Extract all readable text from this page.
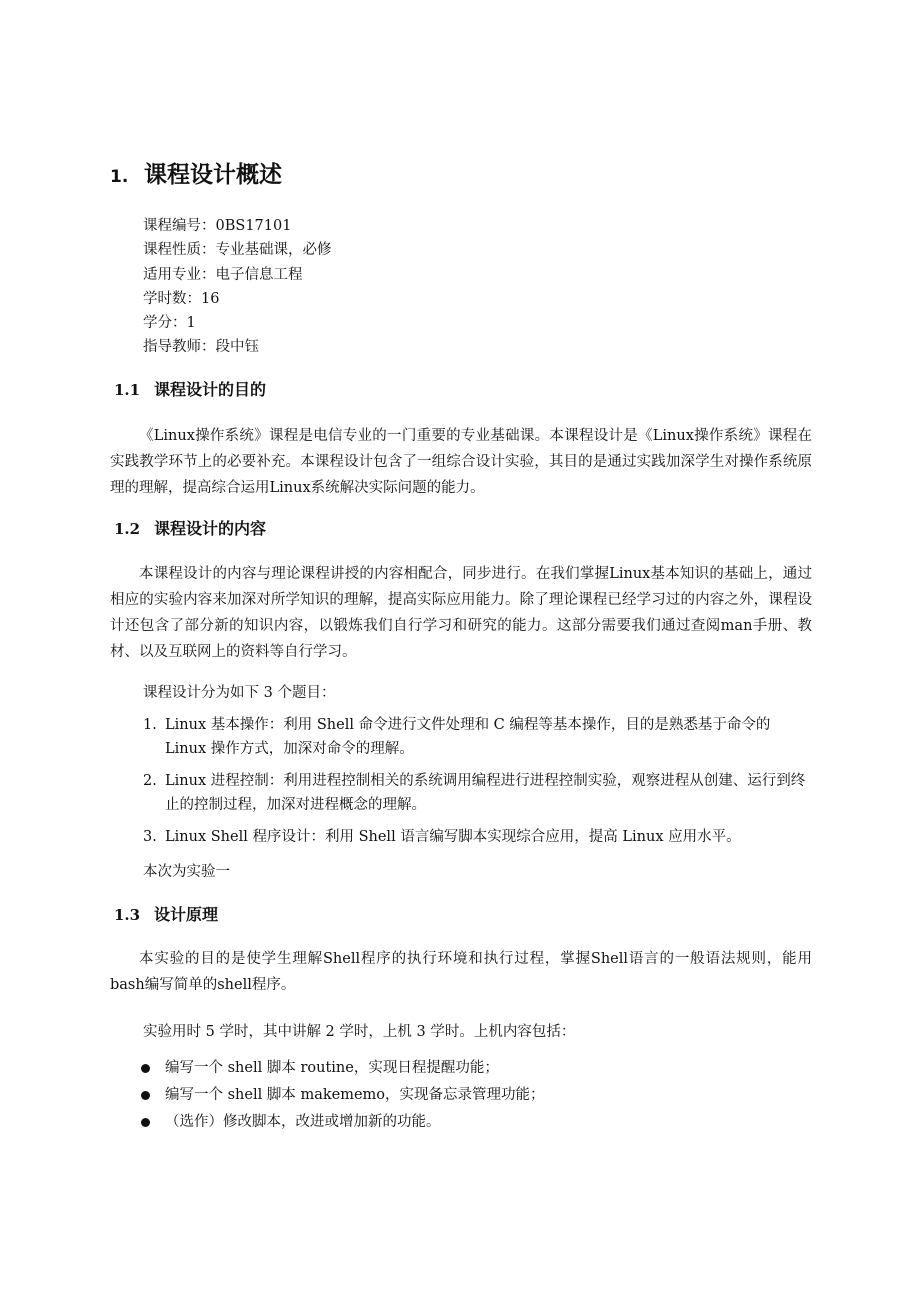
1. 课程设计概述
课程编号：0BS17101
课程性质：专业基础课，必修
适用专业：电子信息工程
学时数：16
学分：1
指导教师：段中钰
1.1 课程设计的目的

《Linux操作系统》课程是电信专业的一门重要的专业基础课。本课程设计是《Linux操作系统》课程在实践教学环节上的必要补充。本课程设计包含了一组综合设计实验，其目的是通过实践加深学生对操作系统原理的理解，提高综合运用Linux系统解决实际问题的能力。

1.2 课程设计的内容

本课程设计的内容与理论课程讲授的内容相配合，同步进行。在我们掌握Linux基本知识的基础上，通过相应的实验内容来加深对所学知识的理解，提高实际应用能力。除了理论课程已经学习过的内容之外，课程设计还包含了部分新的知识内容，以锻炼我们自行学习和研究的能力。这部分需要我们通过查阅man手册、教材、以及互联网上的资料等自行学习。

课程设计分为如下 3 个题目：
1. Linux 基本操作：利用 Shell 命令进行文件处理和 C 编程等基本操作，目的是熟悉基于命令的 Linux 操作方式，加深对命令的理解。
2. Linux 进程控制：利用进程控制相关的系统调用编程进行进程控制实验，观察进程从创建、运行到终止的控制过程，加深对进程概念的理解。
3. Linux Shell 程序设计：利用 Shell 语言编写脚本实现综合应用，提高 Linux 应用水平。
本次为实验一
1.3 设计原理

本实验的目的是使学生理解Shell程序的执行环境和执行过程，掌握Shell语言的一般语法规则，能用bash编写简单的shell程序。

实验用时 5 学时，其中讲解 2 学时，上机 3 学时。上机内容包括：
编写一个 shell 脚本 routine，实现日程提醒功能；
编写一个 shell 脚本 makememo，实现备忘录管理功能；
（选作）修改脚本，改进或增加新的功能。
